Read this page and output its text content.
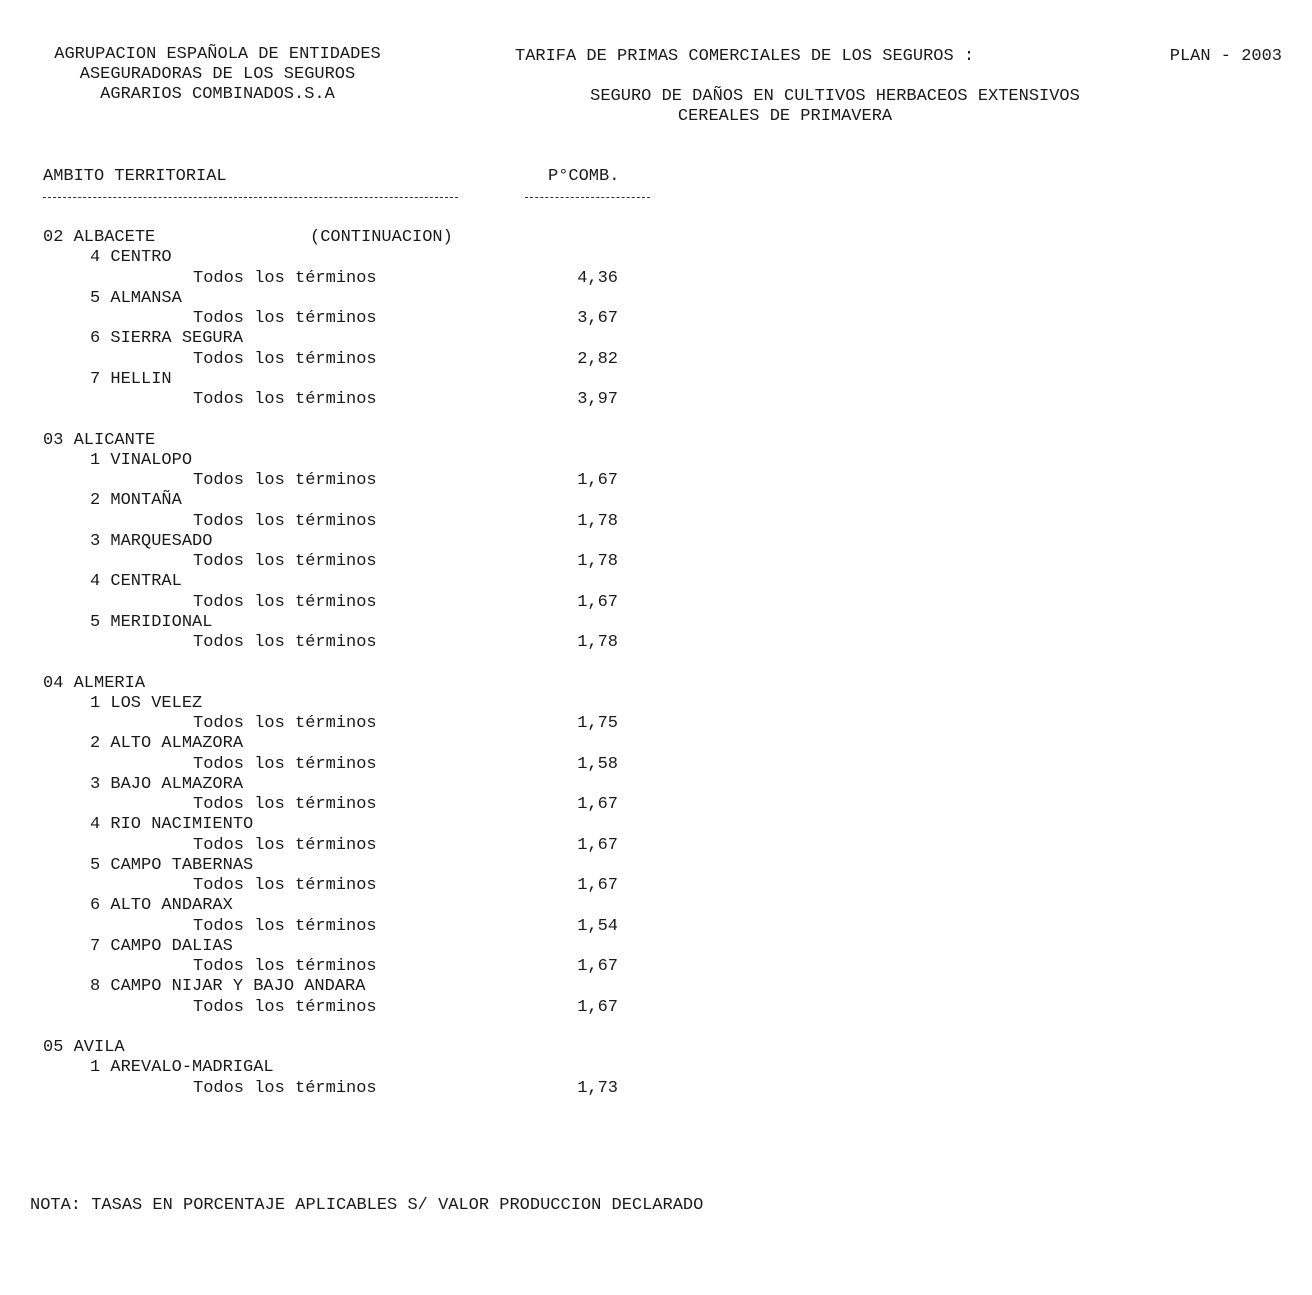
AGRUPACION ESPAÑOLA DE ENTIDADES
ASEGURADORAS DE LOS SEGUROS
AGRARIOS COMBINADOS.S.A
TARIFA DE PRIMAS COMERCIALES DE LOS SEGUROS :	PLAN - 2003
SEGURO DE DAÑOS EN CULTIVOS HERBACEOS EXTENSIVOS
CEREALES DE PRIMAVERA
AMBITO TERRITORIAL	P°COMB.
02 ALBACETE	(CONTINUACION)
4 CENTRO
Todos los términos	4,36
5 ALMANSA
Todos los términos	3,67
6 SIERRA SEGURA
Todos los términos	2,82
7 HELLIN
Todos los términos	3,97
03 ALICANTE
1 VINALOPO
Todos los términos	1,67
2 MONTAÑA
Todos los términos	1,78
3 MARQUESADO
Todos los términos	1,78
4 CENTRAL
Todos los términos	1,67
5 MERIDIONAL
Todos los términos	1,78
04 ALMERIA
1 LOS VELEZ
Todos los términos	1,75
2 ALTO ALMAZORA
Todos los términos	1,58
3 BAJO ALMAZORA
Todos los términos	1,67
4 RIO NACIMIENTO
Todos los términos	1,67
5 CAMPO TABERNAS
Todos los términos	1,67
6 ALTO ANDARAX
Todos los términos	1,54
7 CAMPO DALIAS
Todos los términos	1,67
8 CAMPO NIJAR Y BAJO ANDARA
Todos los términos	1,67
05 AVILA
1 AREVALO-MADRIGAL
Todos los términos	1,73
NOTA: TASAS EN PORCENTAJE APLICABLES S/ VALOR PRODUCCION DECLARADO
